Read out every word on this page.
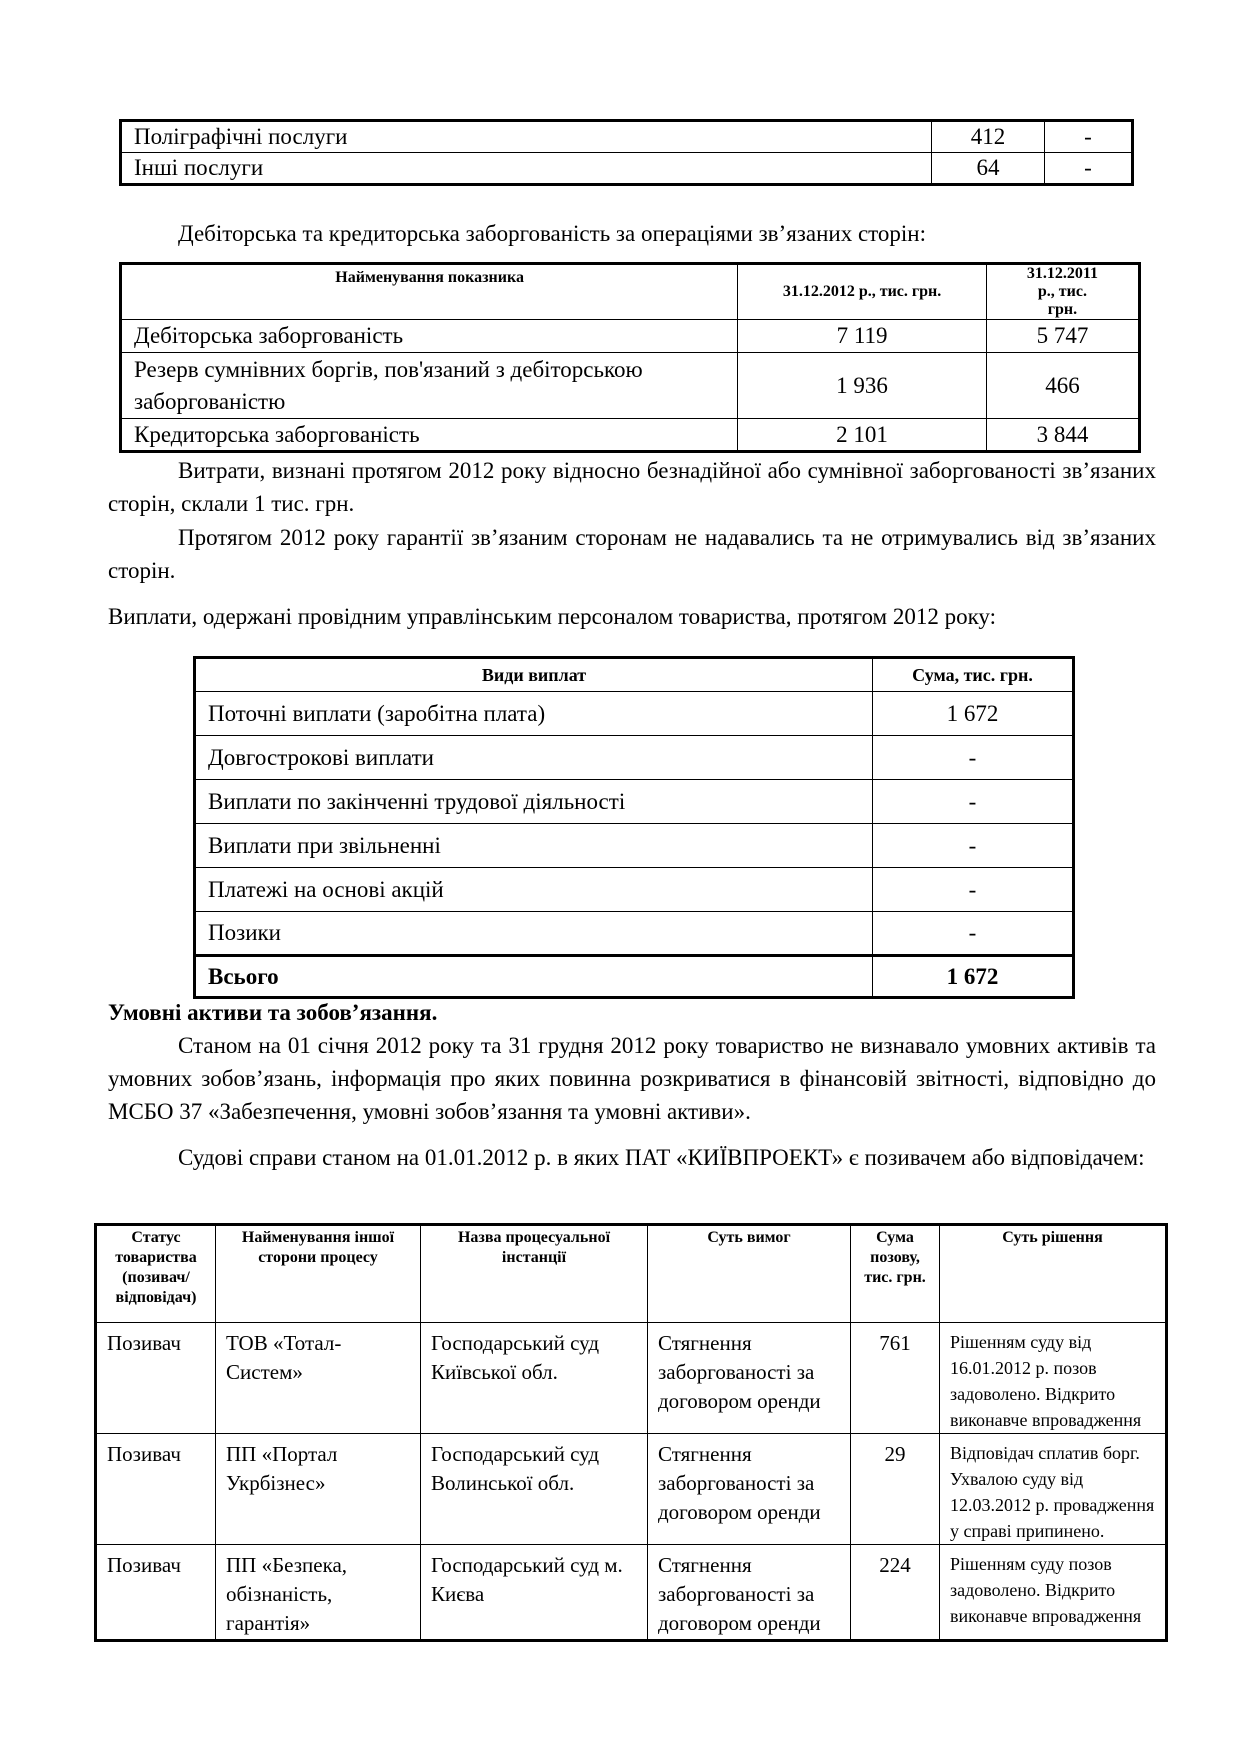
Поліграфічні послуги	412	-
Інші послуги	64	-
Дебіторська та кредиторська заборгованість за операціями зв’язаних сторін:
Найменування показника	31.12.2012 р., тис. грн.	31.12.2011 р., тис. грн.
Дебіторська заборгованість	7 119	5 747
Резерв сумнівних боргів, пов'язаний з дебіторською заборгованістю	1 936	466
Кредиторська заборгованість	2 101	3 844
Витрати, визнані протягом 2012 року відносно безнадійної або сумнівної заборгованості зв’язаних сторін, склали 1 тис. грн.
Протягом 2012 року гарантії зв’язаним сторонам не надавались та не отримувались від зв’язаних сторін.
Виплати, одержані провідним управлінським персоналом товариства, протягом 2012 року:
Види виплат	Сума, тис. грн.
Поточні виплати (заробітна плата)	1 672
Довгострокові виплати	-
Виплати по закінченні трудової діяльності	-
Виплати при звільненні	-
Платежі на основі акцій	-
Позики	-
Всього	1 672
Умовні активи та зобов’язання.
Станом на 01 січня 2012 року та 31 грудня 2012 року товариство не визнавало умовних активів та умовних зобов’язань, інформація про яких повинна розкриватися в фінансовій звітності, відповідно до МСБО 37 «Забезпечення, умовні зобов’язання та умовні активи».
Судові справи станом на 01.01.2012 р. в яких ПАТ «КИЇВПРОЕКТ» є позивачем або відповідачем:
Статус товариства (позивач/ відповідач)	Найменування іншої сторони процесу	Назва процесуальної інстанції	Суть вимог	Сума позову, тис. грн.	Суть рішення
Позивач	ТОВ «Тотал-Систем»	Господарський суд Київської обл.	Стягнення заборгованості за договором оренди	761	Рішенням суду від 16.01.2012 р. позов задоволено. Відкрито виконавче впровадження
Позивач	ПП «Портал Укрбізнес»	Господарський суд Волинської обл.	Стягнення заборгованості за договором оренди	29	Відповідач сплатив борг. Ухвалою суду від 12.03.2012 р. провадження у справі припинено.
Позивач	ПП «Безпека, обізнаність, гарантія»	Господарський суд м. Києва	Стягнення заборгованості за договором оренди	224	Рішенням суду позов задоволено. Відкрито виконавче впровадження
